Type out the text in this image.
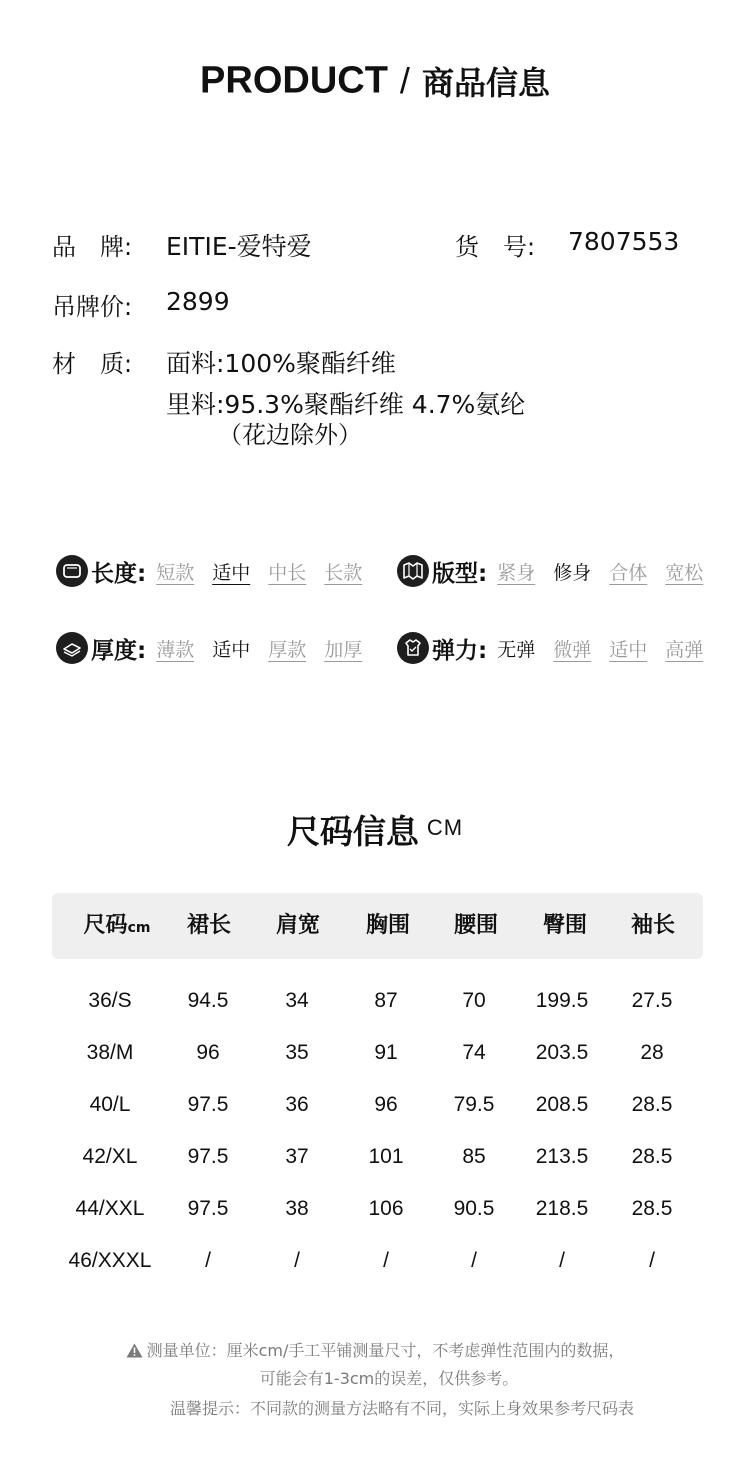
PRODUCT / 商品信息
品　牌: EITIE-爱特爱	货　号: 7807553
吊牌价: 2899
材　质: 面料:100%聚酯纤维
里料:95.3%聚酯纤维 4.7%氨纶
（花边除外）
长度: 短款 适中 中长 长款	版型: 紧身 修身 合体 宽松
厚度: 薄款 适中 厚款 加厚	弹力: 无弹 微弹 适中 高弹
尺码信息 CM
尺码cm 裙长 肩宽 胸围 腰围 臀围 袖长
36/S	94.5	34	87	70 199.5 27.5
38/M	96	35	91	74 203.5 28
40/L	97.5	36	96	79.5 208.5 28.5
42/XL 97.5	37	101	85 213.5 28.5
44/XXL 97.5	38	106 90.5 218.5 28.5
46/XXXL	/	/	/	/	/	/
测量单位：厘米cm/手工平铺测量尺寸，不考虑弹性范围内的数据，
可能会有1-3cm的误差，仅供参考。
温馨提示：不同款的测量方法略有不同，实际上身效果参考尺码表
